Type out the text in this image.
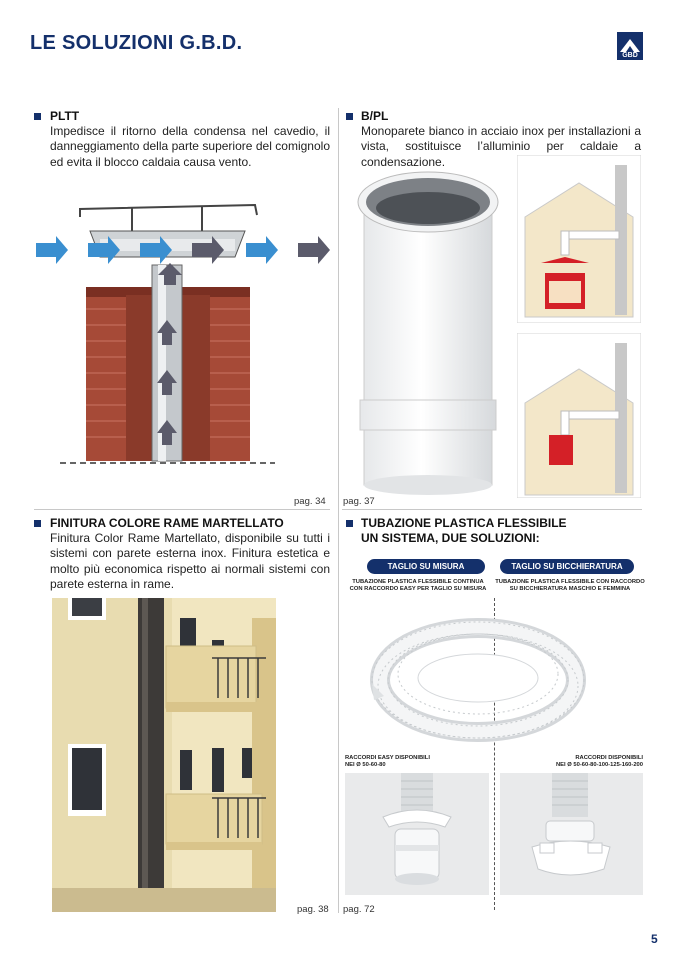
LE SOLUZIONI G.B.D.
GBD
PLTT
Impedisce il ritorno della condensa nel cavedio, il danneggiamento della parte superiore del comignolo ed evita il blocco caldaia causa vento.
pag. 34
B/PL
Monoparete bianco in acciaio inox per installazioni a vista, sostituisce l’alluminio per caldaie a condensazione.
pag. 37
FINITURA COLORE RAME MARTELLATO
Finitura Color Rame Martellato, disponibile su tutti i sistemi con parete esterna inox. Finitura estetica e molto più economica rispetto ai normali sistemi con parete esterna in rame.
pag. 38
TUBAZIONE PLASTICA FLESSIBILE
UN SISTEMA, DUE SOLUZIONI:
TAGLIO SU MISURA	TAGLIO SU BICCHIERATURA
TUBAZIONE PLASTICA FLESSIBILE CONTINUA
CON RACCORDO EASY PER TAGLIO SU MISURA
TUBAZIONE PLASTICA FLESSIBILE CON RACCORDO
SU BICCHIERATURA MASCHIO E FEMMINA
RACCORDI EASY DISPONIBILI
NEI Ø 50-60-80
RACCORDI DISPONIBILI
NEI Ø 50-60-80-100-125-160-200
pag. 72
5
